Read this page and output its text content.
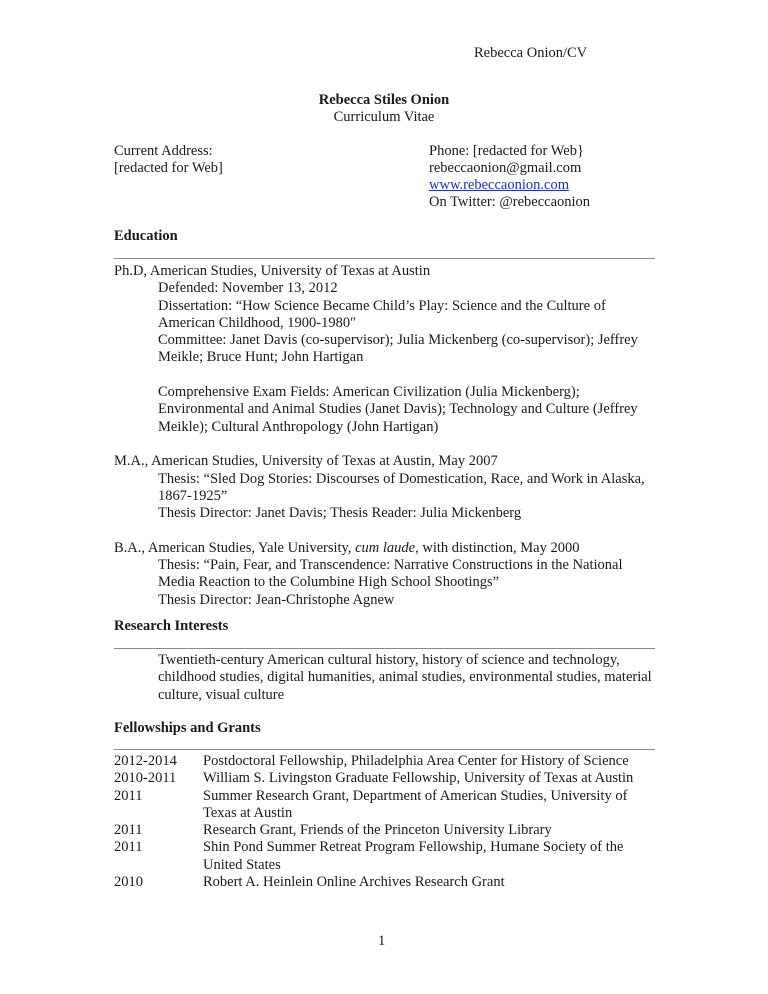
Rebecca Onion/CV
Rebecca Stiles Onion
Curriculum Vitae
Current Address:
[redacted for Web]
Phone: [redacted for Web}
rebeccaonion@gmail.com
www.rebeccaonion.com
On Twitter: @rebeccaonion
Education
Ph.D, American Studies, University of Texas at Austin
Defended: November 13, 2012
Dissertation: “How Science Became Child’s Play: Science and the Culture of
American Childhood, 1900-1980″
Committee: Janet Davis (co-supervisor); Julia Mickenberg (co-supervisor); Jeffrey
Meikle; Bruce Hunt; John Hartigan
Comprehensive Exam Fields: American Civilization (Julia Mickenberg);
Environmental and Animal Studies (Janet Davis); Technology and Culture (Jeffrey
Meikle); Cultural Anthropology (John Hartigan)
M.A., American Studies, University of Texas at Austin, May 2007
Thesis: “Sled Dog Stories: Discourses of Domestication, Race, and Work in Alaska,
1867-1925”
Thesis Director: Janet Davis; Thesis Reader: Julia Mickenberg
B.A., American Studies, Yale University, cum laude, with distinction, May 2000
Thesis: “Pain, Fear, and Transcendence: Narrative Constructions in the National
Media Reaction to the Columbine High School Shootings”
Thesis Director: Jean-Christophe Agnew
Research Interests
Twentieth-century American cultural history, history of science and technology,
childhood studies, digital humanities, animal studies, environmental studies, material
culture, visual culture
Fellowships and Grants
2012-2014	Postdoctoral Fellowship, Philadelphia Area Center for History of Science
2010-2011	William S. Livingston Graduate Fellowship, University of Texas at Austin
2011	Summer Research Grant, Department of American Studies, University of Texas at Austin
2011	Research Grant, Friends of the Princeton University Library
2011	Shin Pond Summer Retreat Program Fellowship, Humane Society of the United States
2010	Robert A. Heinlein Online Archives Research Grant
1
